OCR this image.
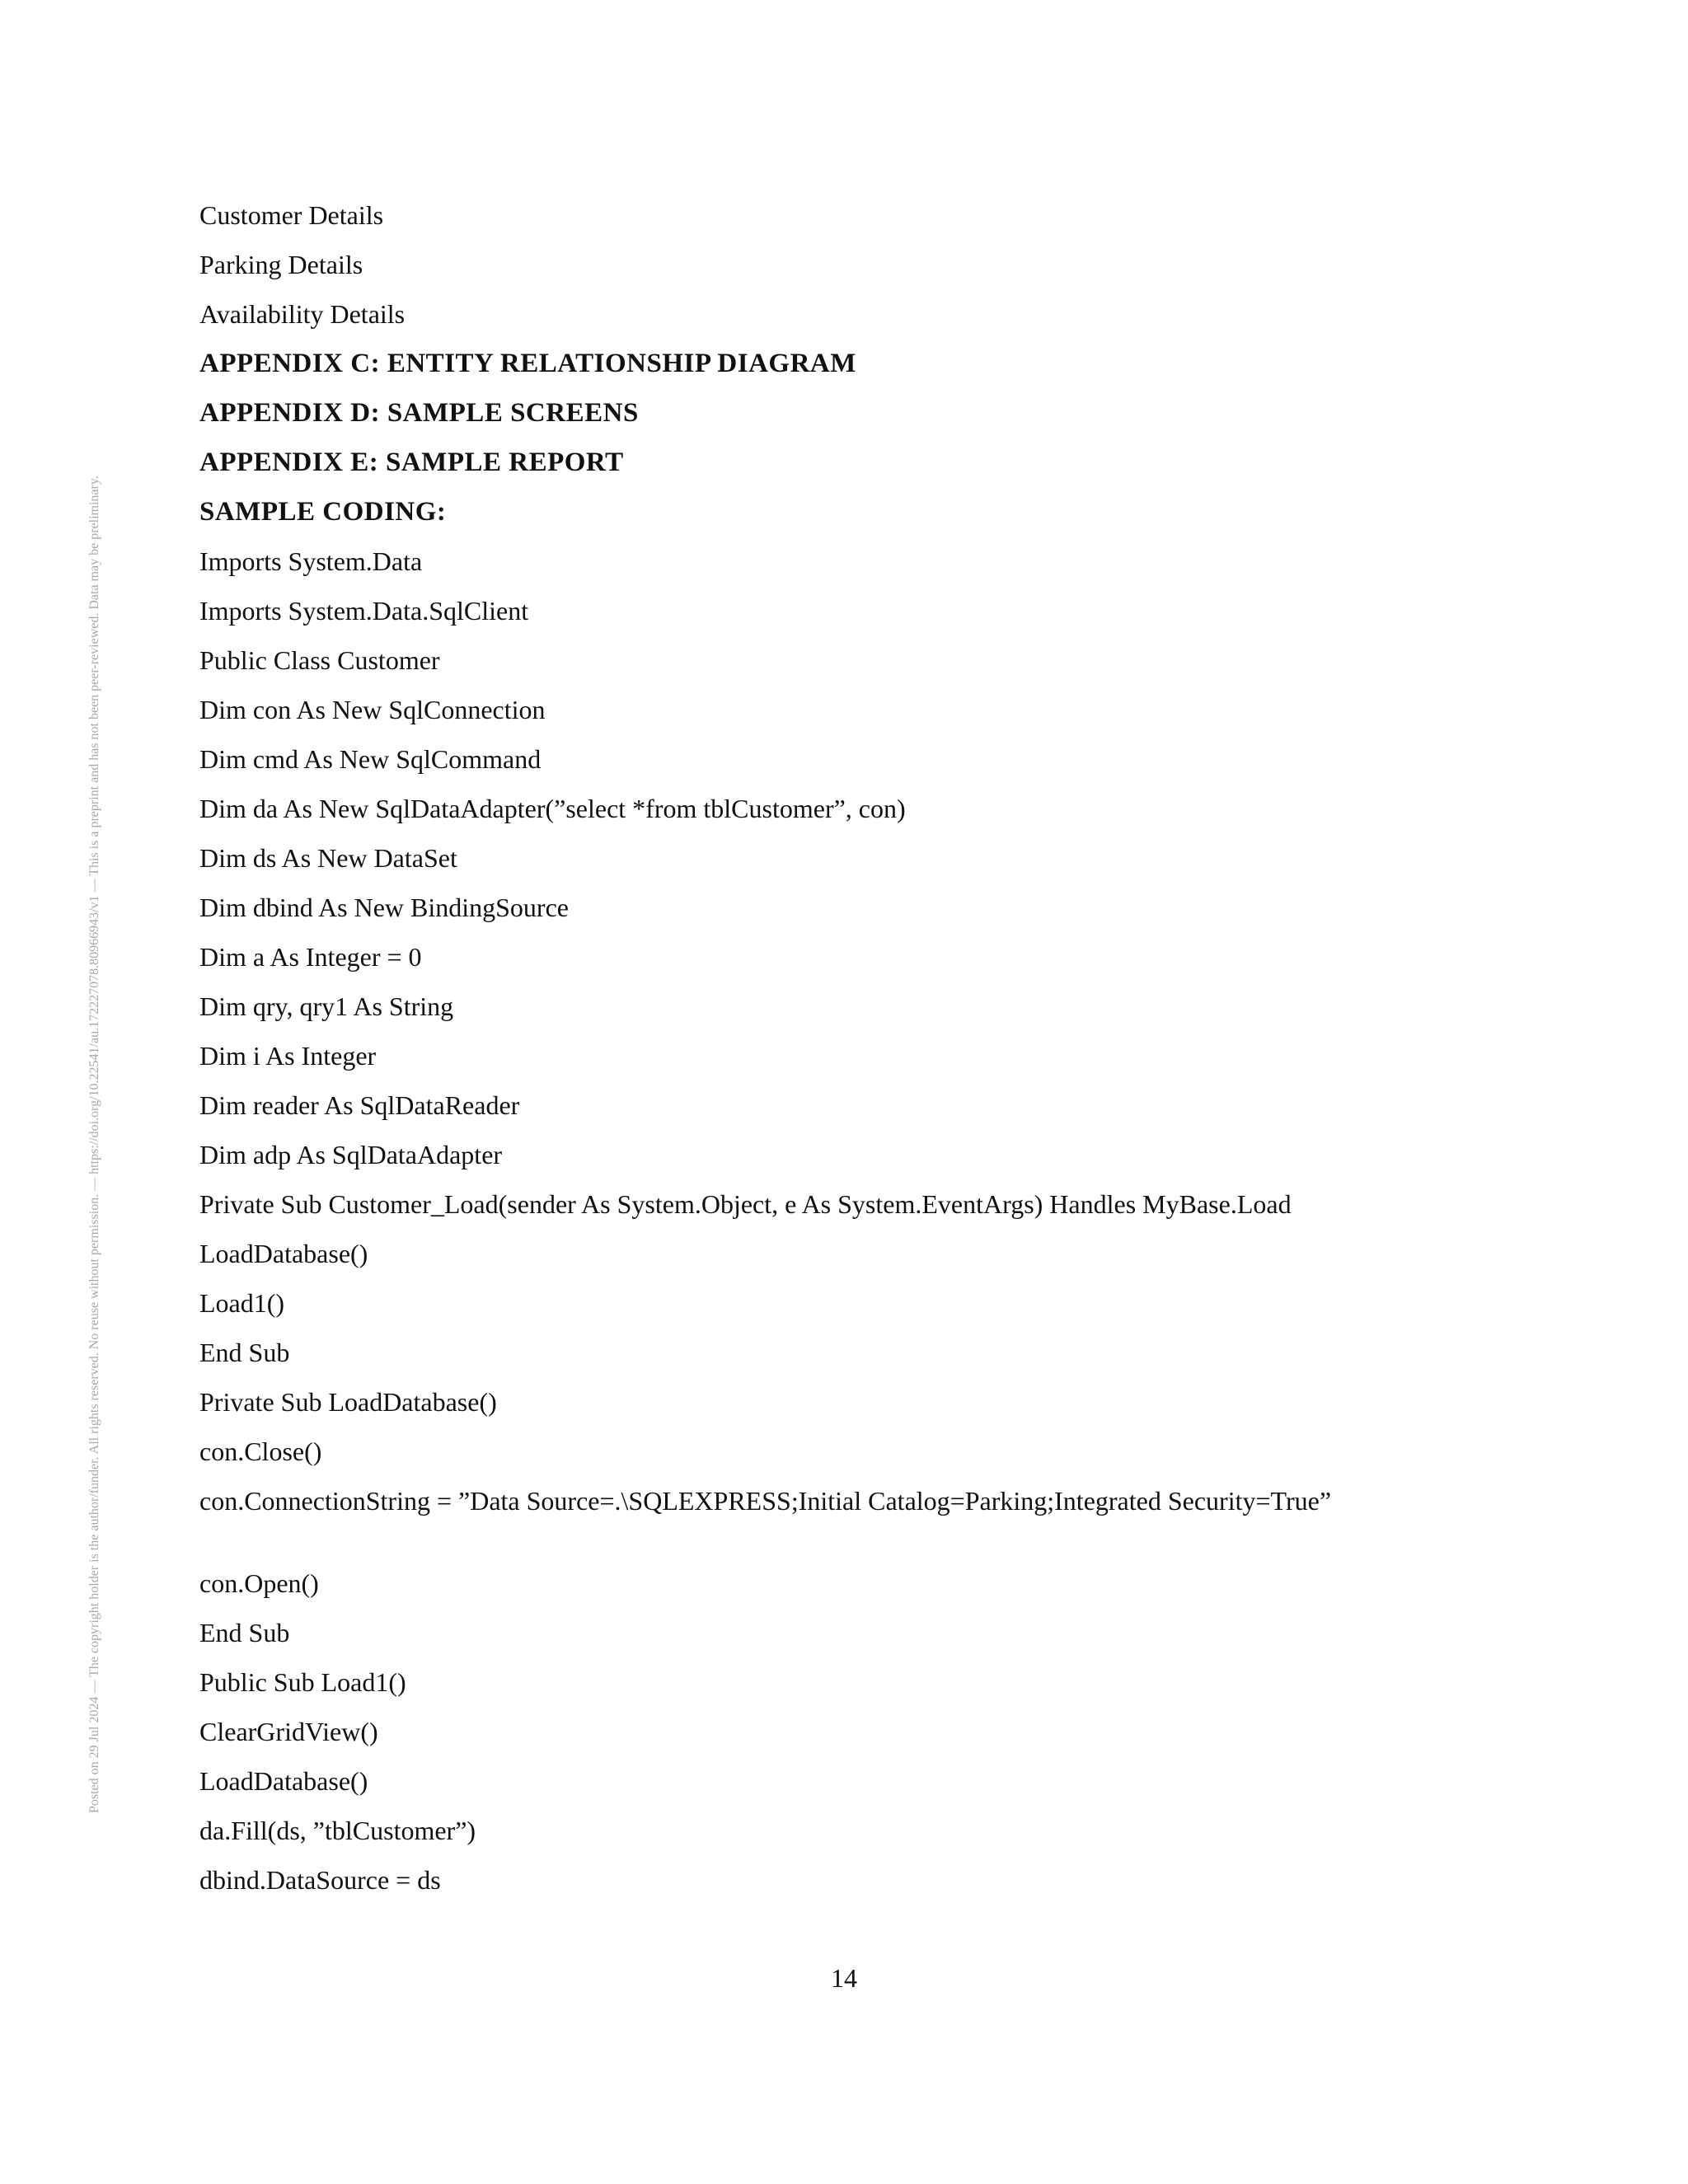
Posted on 29 Jul 2024 — The copyright holder is the author/funder. All rights reserved. No reuse without permission. — https://doi.org/10.22541/au.172227078.80966943/v1 — This is a preprint and has not been peer-reviewed. Data may be preliminary.
Customer Details
Parking Details
Availability Details
APPENDIX C: ENTITY RELATIONSHIP DIAGRAM
APPENDIX D: SAMPLE SCREENS
APPENDIX E: SAMPLE REPORT
SAMPLE CODING:
Imports System.Data
Imports System.Data.SqlClient
Public Class Customer
Dim con As New SqlConnection
Dim cmd As New SqlCommand
Dim da As New SqlDataAdapter(”select *from tblCustomer”, con)
Dim ds As New DataSet
Dim dbind As New BindingSource
Dim a As Integer = 0
Dim qry, qry1 As String
Dim i As Integer
Dim reader As SqlDataReader
Dim adp As SqlDataAdapter
Private Sub Customer_Load(sender As System.Object, e As System.EventArgs) Handles MyBase.Load
LoadDatabase()
Load1()
End Sub
Private Sub LoadDatabase()
con.Close()
con.ConnectionString = ”Data Source=.\SQLEXPRESS;Initial Catalog=Parking;Integrated Security=True”
con.Open()
End Sub
Public Sub Load1()
ClearGridView()
LoadDatabase()
da.Fill(ds, ”tblCustomer”)
dbind.DataSource = ds
14
